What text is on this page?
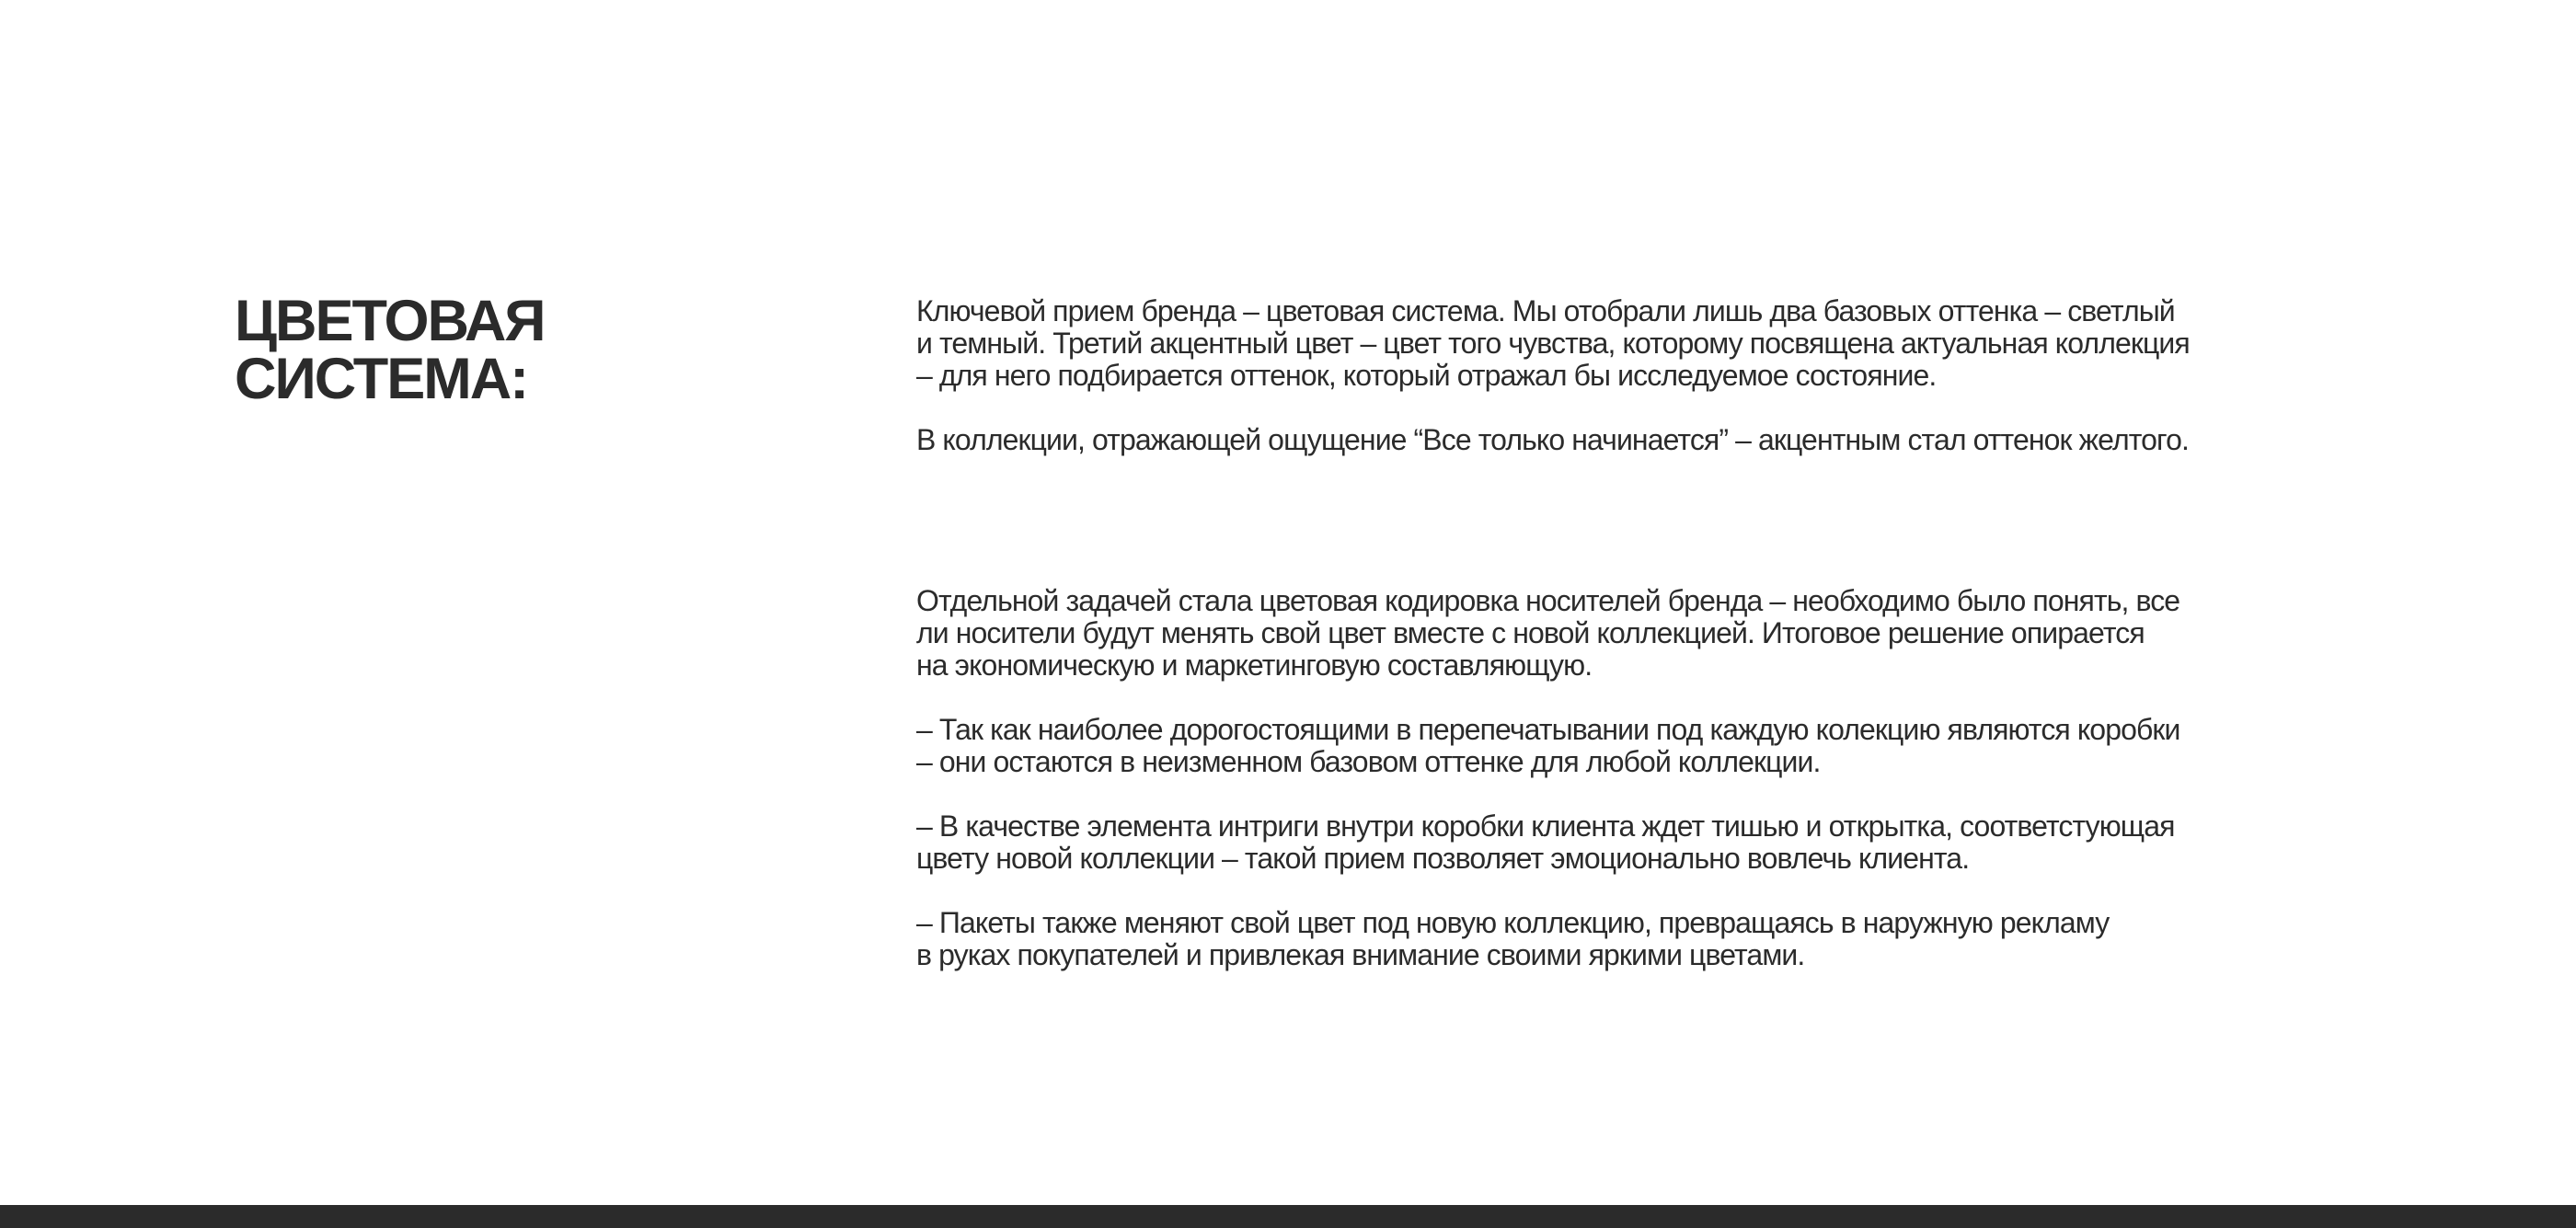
ЦВЕТОВАЯ
СИСТЕМА:

Ключевой прием бренда – цветовая система. Мы отобрали лишь два базовых оттенка – светлый
и темный. Третий акцентный цвет – цвет того чувства, которому посвящена актуальная коллекция
– для него подбирается оттенок, который отражал бы исследуемое состояние.

В коллекции, отражающей ощущение “Все только начинается” – акцентным стал оттенок желтого.

Отдельной задачей стала цветовая кодировка носителей бренда – необходимо было понять, все
ли носители будут менять свой цвет вместе с новой коллекцией. Итоговое решение опирается
на экономическую и маркетинговую составляющую.

– Так как наиболее дорогостоящими в перепечатывании под каждую колекцию являются коробки
– они остаются в неизменном базовом оттенке для любой коллекции.

– В качестве элемента интриги внутри коробки клиента ждет тишью и открытка, соответстующая
цвету новой коллекции – такой прием позволяет эмоционально вовлечь клиента.

– Пакеты также меняют свой цвет под новую коллекцию, превращаясь в наружную рекламу
в руках покупателей и привлекая внимание своими яркими цветами.
